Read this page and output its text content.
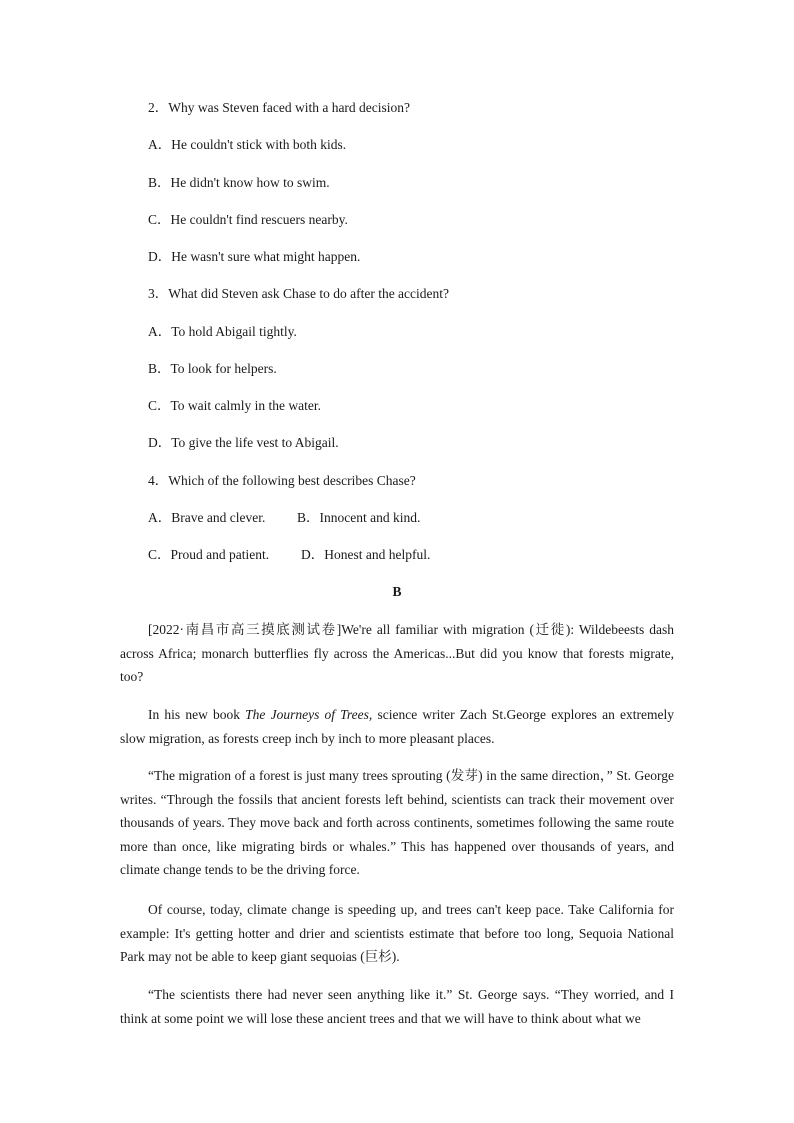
2．Why was Steven faced with a hard decision?
A．He couldn't stick with both kids.
B．He didn't know how to swim.
C．He couldn't find rescuers nearby.
D．He wasn't sure what might happen.
3．What did Steven ask Chase to do after the accident?
A．To hold Abigail tightly.
B．To look for helpers.
C．To wait calmly in the water.
D．To give the life vest to Abigail.
4．Which of the following best describes Chase?
A．Brave and clever. B．Innocent and kind.
C．Proud and patient. D．Honest and helpful.
B

[2022·南昌市高三摸底测试卷]We're all familiar with migration (迁徙): Wildebeests dash across Africa; monarch butterflies fly across the Americas...But did you know that forests migrate, too?

In his new book The Journeys of Trees, science writer Zach St.George explores an extremely slow migration, as forests creep inch by inch to more pleasant places.

“The migration of a forest is just many trees sprouting (发芽) in the same direction，” St. George writes. “Through the fossils that ancient forests left behind, scientists can track their movement over thousands of years. They move back and forth across continents, sometimes following the same route more than once, like migrating birds or whales.” This has happened over thousands of years, and climate change tends to be the driving force.

Of course, today, climate change is speeding up, and trees can't keep pace. Take California for example: It's getting hotter and drier and scientists estimate that before too long, Sequoia National Park may not be able to keep giant sequoias (巨杉).

“The scientists there had never seen anything like it.” St. George says. “They worried, and I think at some point we will lose these ancient trees and that we will have to think about what we
